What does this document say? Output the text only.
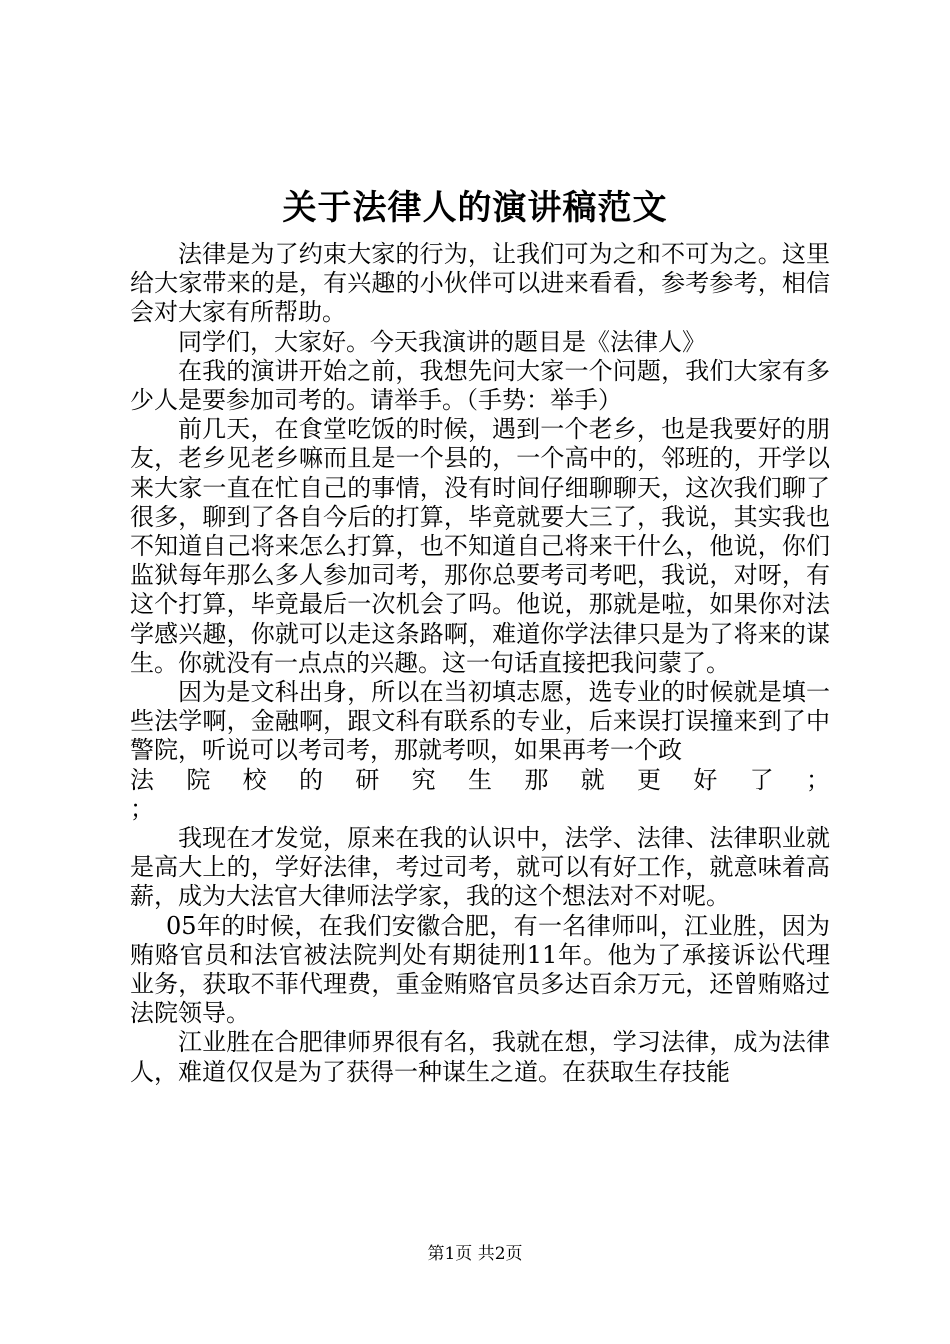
关于法律人的演讲稿范文

法律是为了约束大家的行为，让我们可为之和不可为之。这里给大家带来的是，有兴趣的小伙伴可以进来看看，参考参考，相信会对大家有所帮助。

同学们，大家好。今天我演讲的题目是《法律人》

在我的演讲开始之前，我想先问大家一个问题，我们大家有多少人是要参加司考的。请举手。（手势：举手）

前几天，在食堂吃饭的时候，遇到一个老乡，也是我要好的朋友，老乡见老乡嘛而且是一个县的，一个高中的，邻班的，开学以来大家一直在忙自己的事情，没有时间仔细聊聊天，这次我们聊了很多，聊到了各自今后的打算，毕竟就要大三了，我说，其实我也不知道自己将来怎么打算，也不知道自己将来干什么，他说，你们监狱每年那么多人参加司考，那你总要考司考吧，我说，对呀，有这个打算，毕竟最后一次机会了吗。他说，那就是啦，如果你对法学感兴趣，你就可以走这条路啊，难道你学法律只是为了将来的谋生。你就没有一点点的兴趣。这一句话直接把我问蒙了。

因为是文科出身，所以在当初填志愿，选专业的时候就是填一些法学啊，金融啊，跟文科有联系的专业，后来误打误撞来到了中警院，听说可以考司考，那就考呗，如果再考一个政

法院校的研究生那就更好了；

；

我现在才发觉，原来在我的认识中，法学、法律、法律职业就是高大上的，学好法律，考过司考，就可以有好工作，就意味着高薪，成为大法官大律师法学家，我的这个想法对不对呢。

05年的时候，在我们安徽合肥，有一名律师叫，江业胜，因为贿赂官员和法官被法院判处有期徒刑11年。他为了承接诉讼代理业务，获取不菲代理费，重金贿赂官员多达百余万元，还曾贿赂过法院领导。

江业胜在合肥律师界很有名，我就在想，学习法律，成为法律人，难道仅仅是为了获得一种谋生之道。在获取生存技能

第1页 共2页
